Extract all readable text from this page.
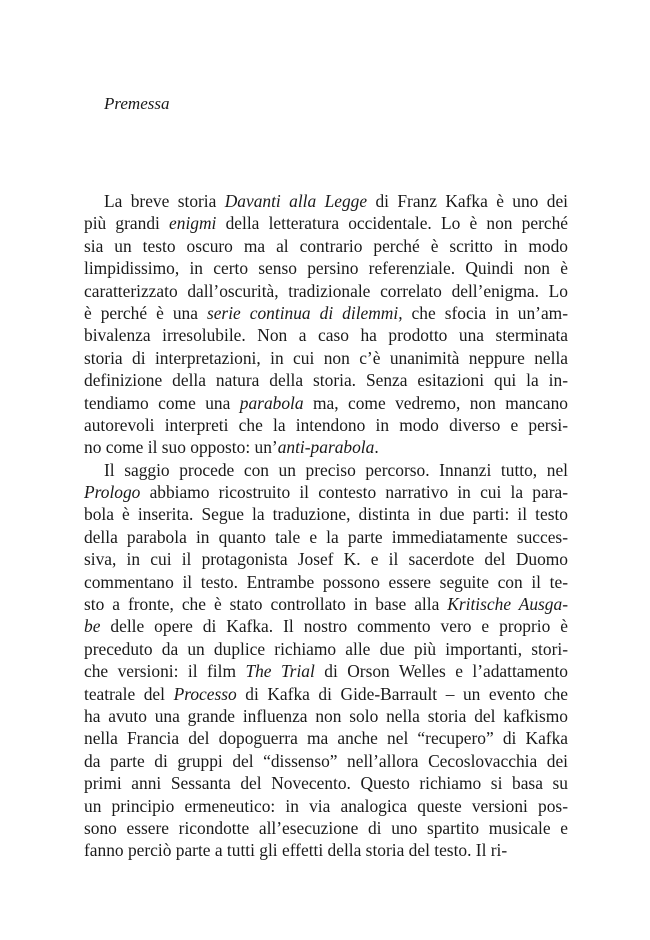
Premessa
La breve storia Davanti alla Legge di Franz Kafka è uno dei
più grandi enigmi della letteratura occidentale. Lo è non perché
sia un testo oscuro ma al contrario perché è scritto in modo
limpidissimo, in certo senso persino referenziale. Quindi non è
caratterizzato dall’oscurità, tradizionale correlato dell’enigma. Lo
è perché è una serie continua di dilemmi, che sfocia in un’am-
bivalenza irresolubile. Non a caso ha prodotto una sterminata
storia di interpretazioni, in cui non c’è unanimità neppure nella
definizione della natura della storia. Senza esitazioni qui la in-
tendiamo come una parabola ma, come vedremo, non mancano
autorevoli interpreti che la intendono in modo diverso e persi-
no come il suo opposto: un’anti-parabola.
Il saggio procede con un preciso percorso. Innanzi tutto, nel
Prologo abbiamo ricostruito il contesto narrativo in cui la para-
bola è inserita. Segue la traduzione, distinta in due parti: il testo
della parabola in quanto tale e la parte immediatamente succes-
siva, in cui il protagonista Josef K. e il sacerdote del Duomo
commentano il testo. Entrambe possono essere seguite con il te-
sto a fronte, che è stato controllato in base alla Kritische Ausga-
be delle opere di Kafka. Il nostro commento vero e proprio è
preceduto da un duplice richiamo alle due più importanti, stori-
che versioni: il film The Trial di Orson Welles e l’adattamento
teatrale del Processo di Kafka di Gide-Barrault – un evento che
ha avuto una grande influenza non solo nella storia del kafkismo
nella Francia del dopoguerra ma anche nel “recupero” di Kafka
da parte di gruppi del “dissenso” nell’allora Cecoslovacchia dei
primi anni Sessanta del Novecento. Questo richiamo si basa su
un principio ermeneutico: in via analogica queste versioni pos-
sono essere ricondotte all’esecuzione di uno spartito musicale e
fanno perciò parte a tutti gli effetti della storia del testo. Il ri-
